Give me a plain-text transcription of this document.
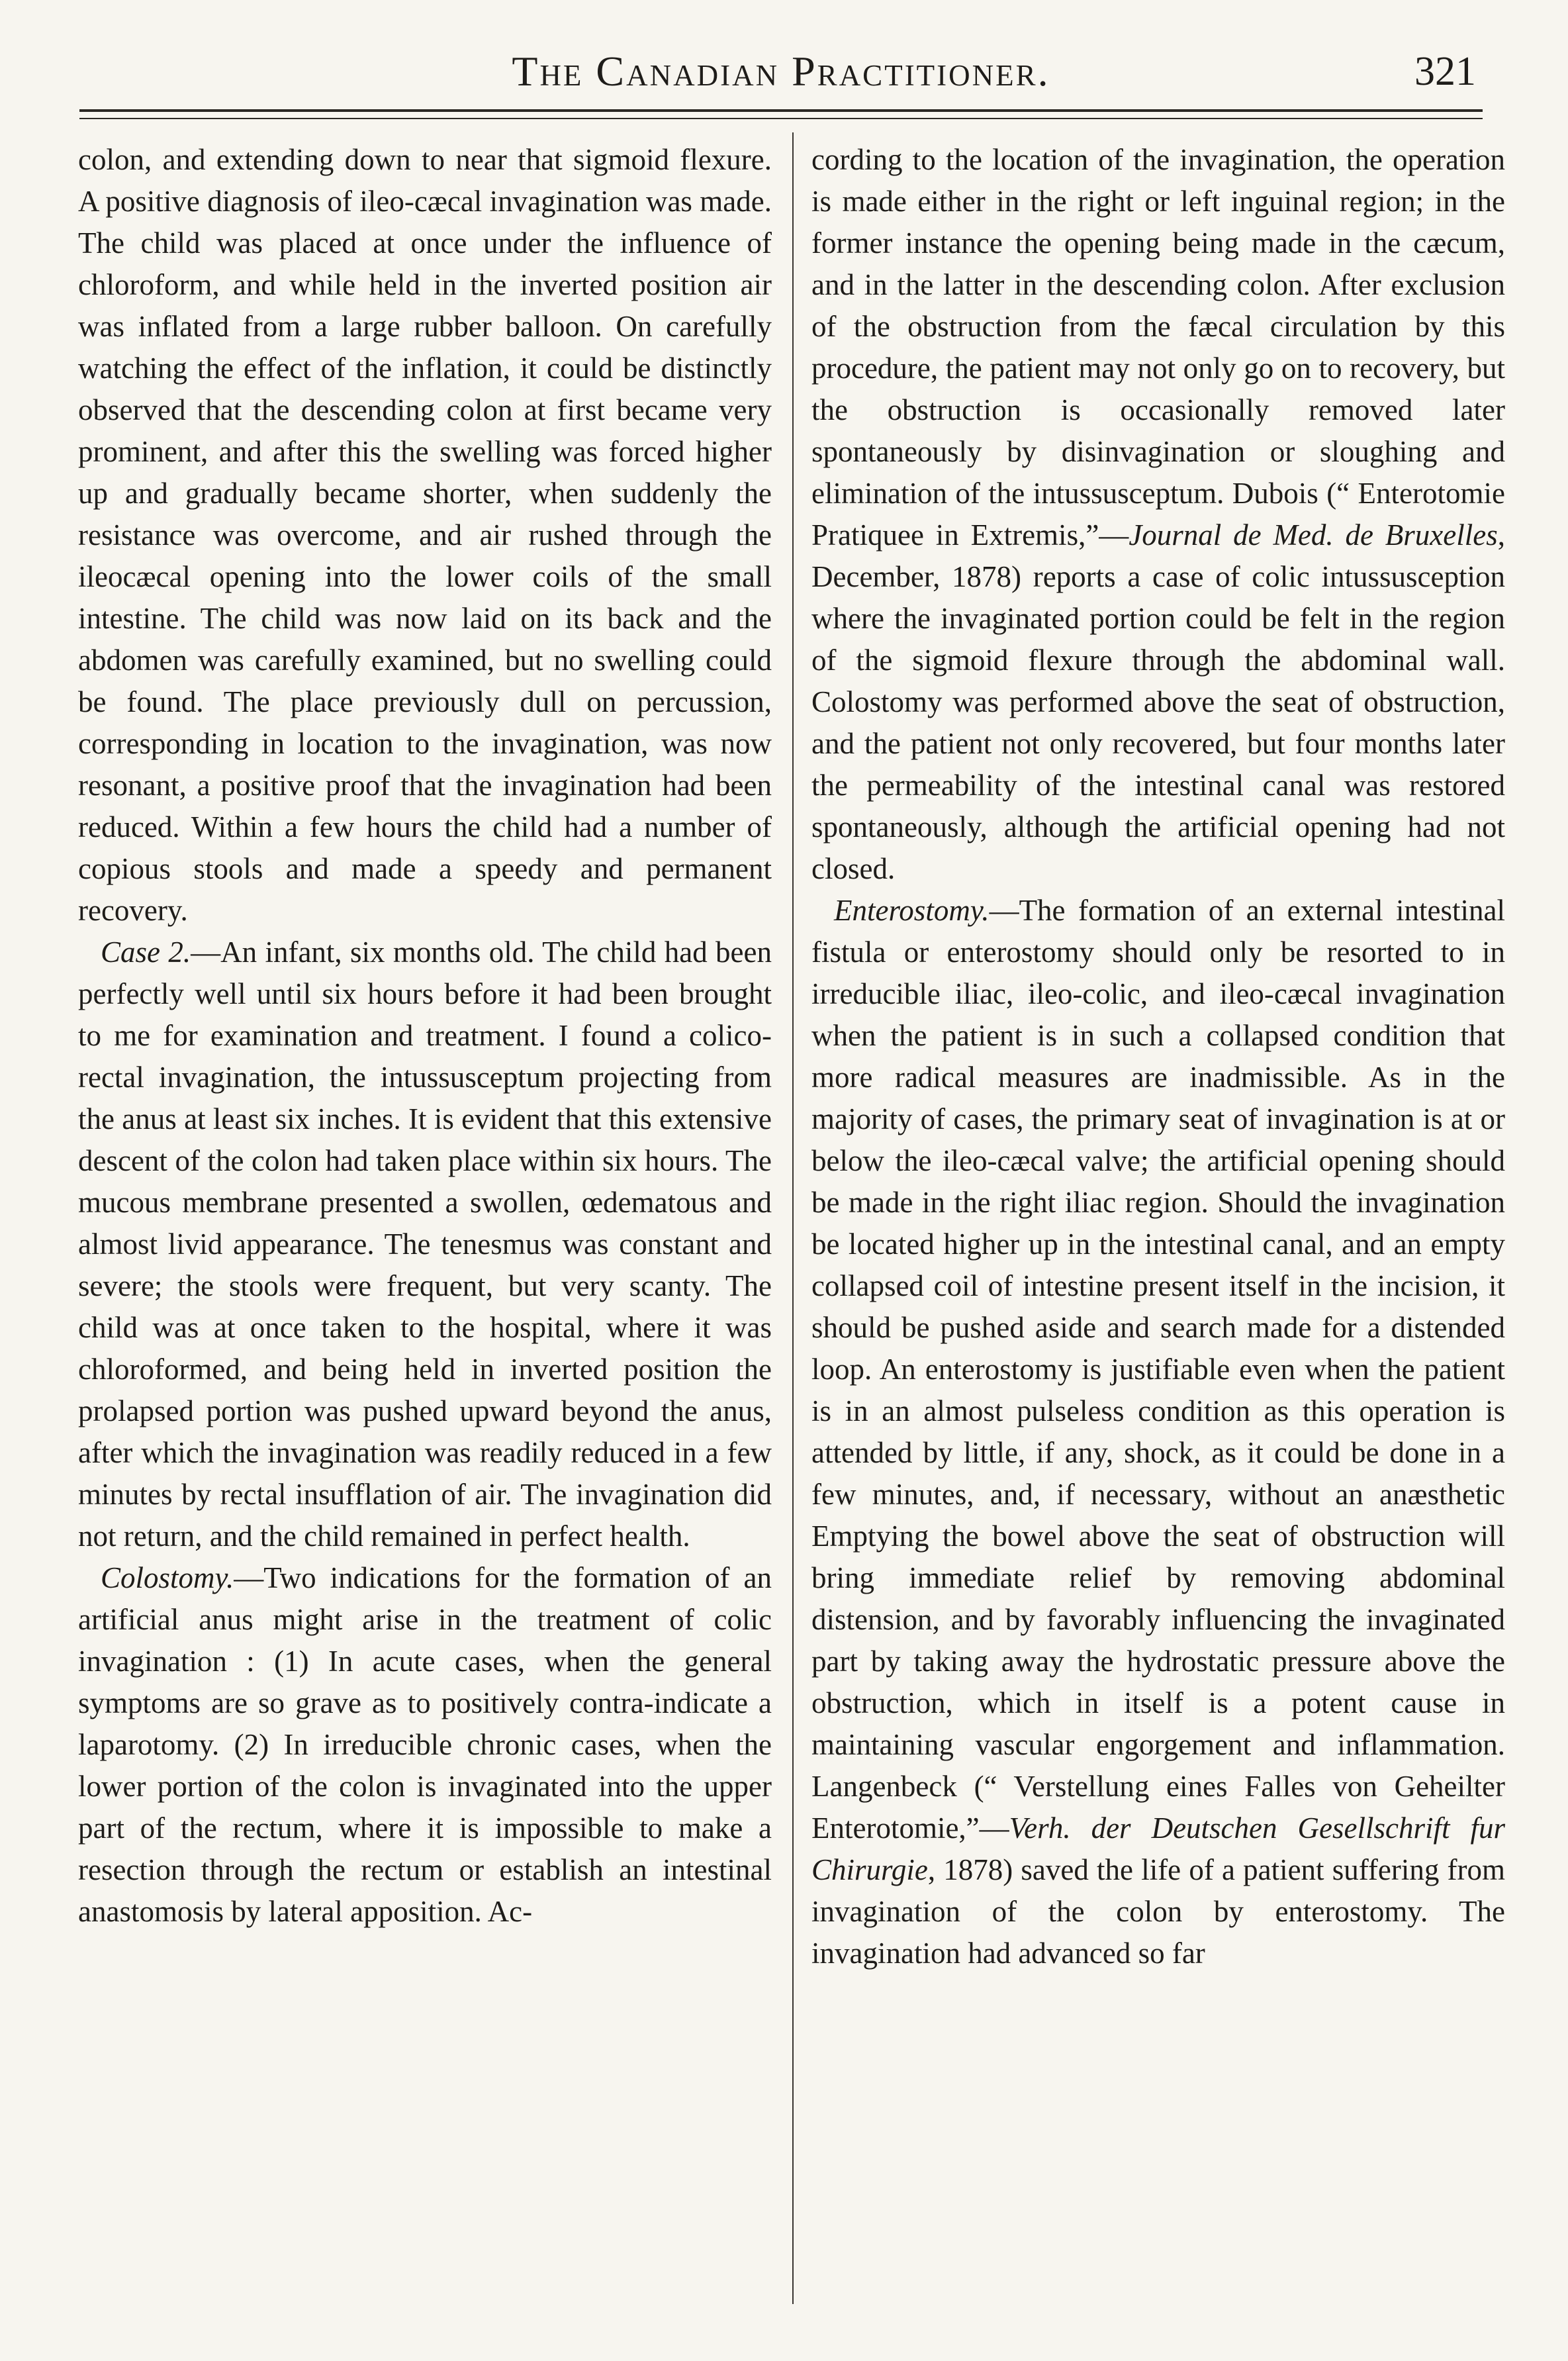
The Canadian Practitioner.	321

colon, and extending down to near that sigmoid flexure. A positive diagnosis of ileo-cæcal invagination was made. The child was placed at once under the influence of chloroform, and while held in the inverted position air was inflated from a large rubber balloon. On carefully watching the effect of the inflation, it could be distinctly observed that the descending colon at first became very prominent, and after this the swelling was forced higher up and gradually became shorter, when suddenly the resistance was overcome, and air rushed through the ileocæcal opening into the lower coils of the small intestine. The child was now laid on its back and the abdomen was carefully examined, but no swelling could be found. The place previously dull on percussion, corresponding in location to the invagination, was now resonant, a positive proof that the invagination had been reduced. Within a few hours the child had a number of copious stools and made a speedy and permanent recovery.

Case 2.—An infant, six months old. The child had been perfectly well until six hours before it had been brought to me for examination and treatment. I found a colico-rectal invagination, the intussusceptum projecting from the anus at least six inches. It is evident that this extensive descent of the colon had taken place within six hours. The mucous membrane presented a swollen, œdematous and almost livid appearance. The tenesmus was constant and severe; the stools were frequent, but very scanty. The child was at once taken to the hospital, where it was chloroformed, and being held in inverted position the prolapsed portion was pushed upward beyond the anus, after which the invagination was readily reduced in a few minutes by rectal insufflation of air. The invagination did not return, and the child remained in perfect health.

Colostomy.—Two indications for the formation of an artificial anus might arise in the treatment of colic invagination : (1) In acute cases, when the general symptoms are so grave as to positively contra-indicate a laparotomy. (2) In irreducible chronic cases, when the lower portion of the colon is invaginated into the upper part of the rectum, where it is impossible to make a resection through the rectum or establish an intestinal anastomosis by lateral apposition. Ac-

cording to the location of the invagination, the operation is made either in the right or left inguinal region; in the former instance the opening being made in the cæcum, and in the latter in the descending colon. After exclusion of the obstruction from the fæcal circulation by this procedure, the patient may not only go on to recovery, but the obstruction is occasionally removed later spontaneously by disinvagination or sloughing and elimination of the intussusceptum. Dubois (“ Enterotomie Pratiquee in Extremis,”—Journal de Med. de Bruxelles, December, 1878) reports a case of colic intussusception where the invaginated portion could be felt in the region of the sigmoid flexure through the abdominal wall. Colostomy was performed above the seat of obstruction, and the patient not only recovered, but four months later the permeability of the intestinal canal was restored spontaneously, although the artificial opening had not closed.

Enterostomy.—The formation of an external intestinal fistula or enterostomy should only be resorted to in irreducible iliac, ileo-colic, and ileo-cæcal invagination when the patient is in such a collapsed condition that more radical measures are inadmissible. As in the majority of cases, the primary seat of invagination is at or below the ileo-cæcal valve; the artificial opening should be made in the right iliac region. Should the invagination be located higher up in the intestinal canal, and an empty collapsed coil of intestine present itself in the incision, it should be pushed aside and search made for a distended loop. An enterostomy is justifiable even when the patient is in an almost pulseless condition as this operation is attended by little, if any, shock, as it could be done in a few minutes, and, if necessary, without an anæsthetic Emptying the bowel above the seat of obstruction will bring immediate relief by removing abdominal distension, and by favorably influencing the invaginated part by taking away the hydrostatic pressure above the obstruction, which in itself is a potent cause in maintaining vascular engorgement and inflammation. Langenbeck (“ Verstellung eines Falles von Geheilter Enterotomie,”—Verh. der Deutschen Gesellschrift fur Chirurgie, 1878) saved the life of a patient suffering from invagination of the colon by enterostomy. The invagination had advanced so far
